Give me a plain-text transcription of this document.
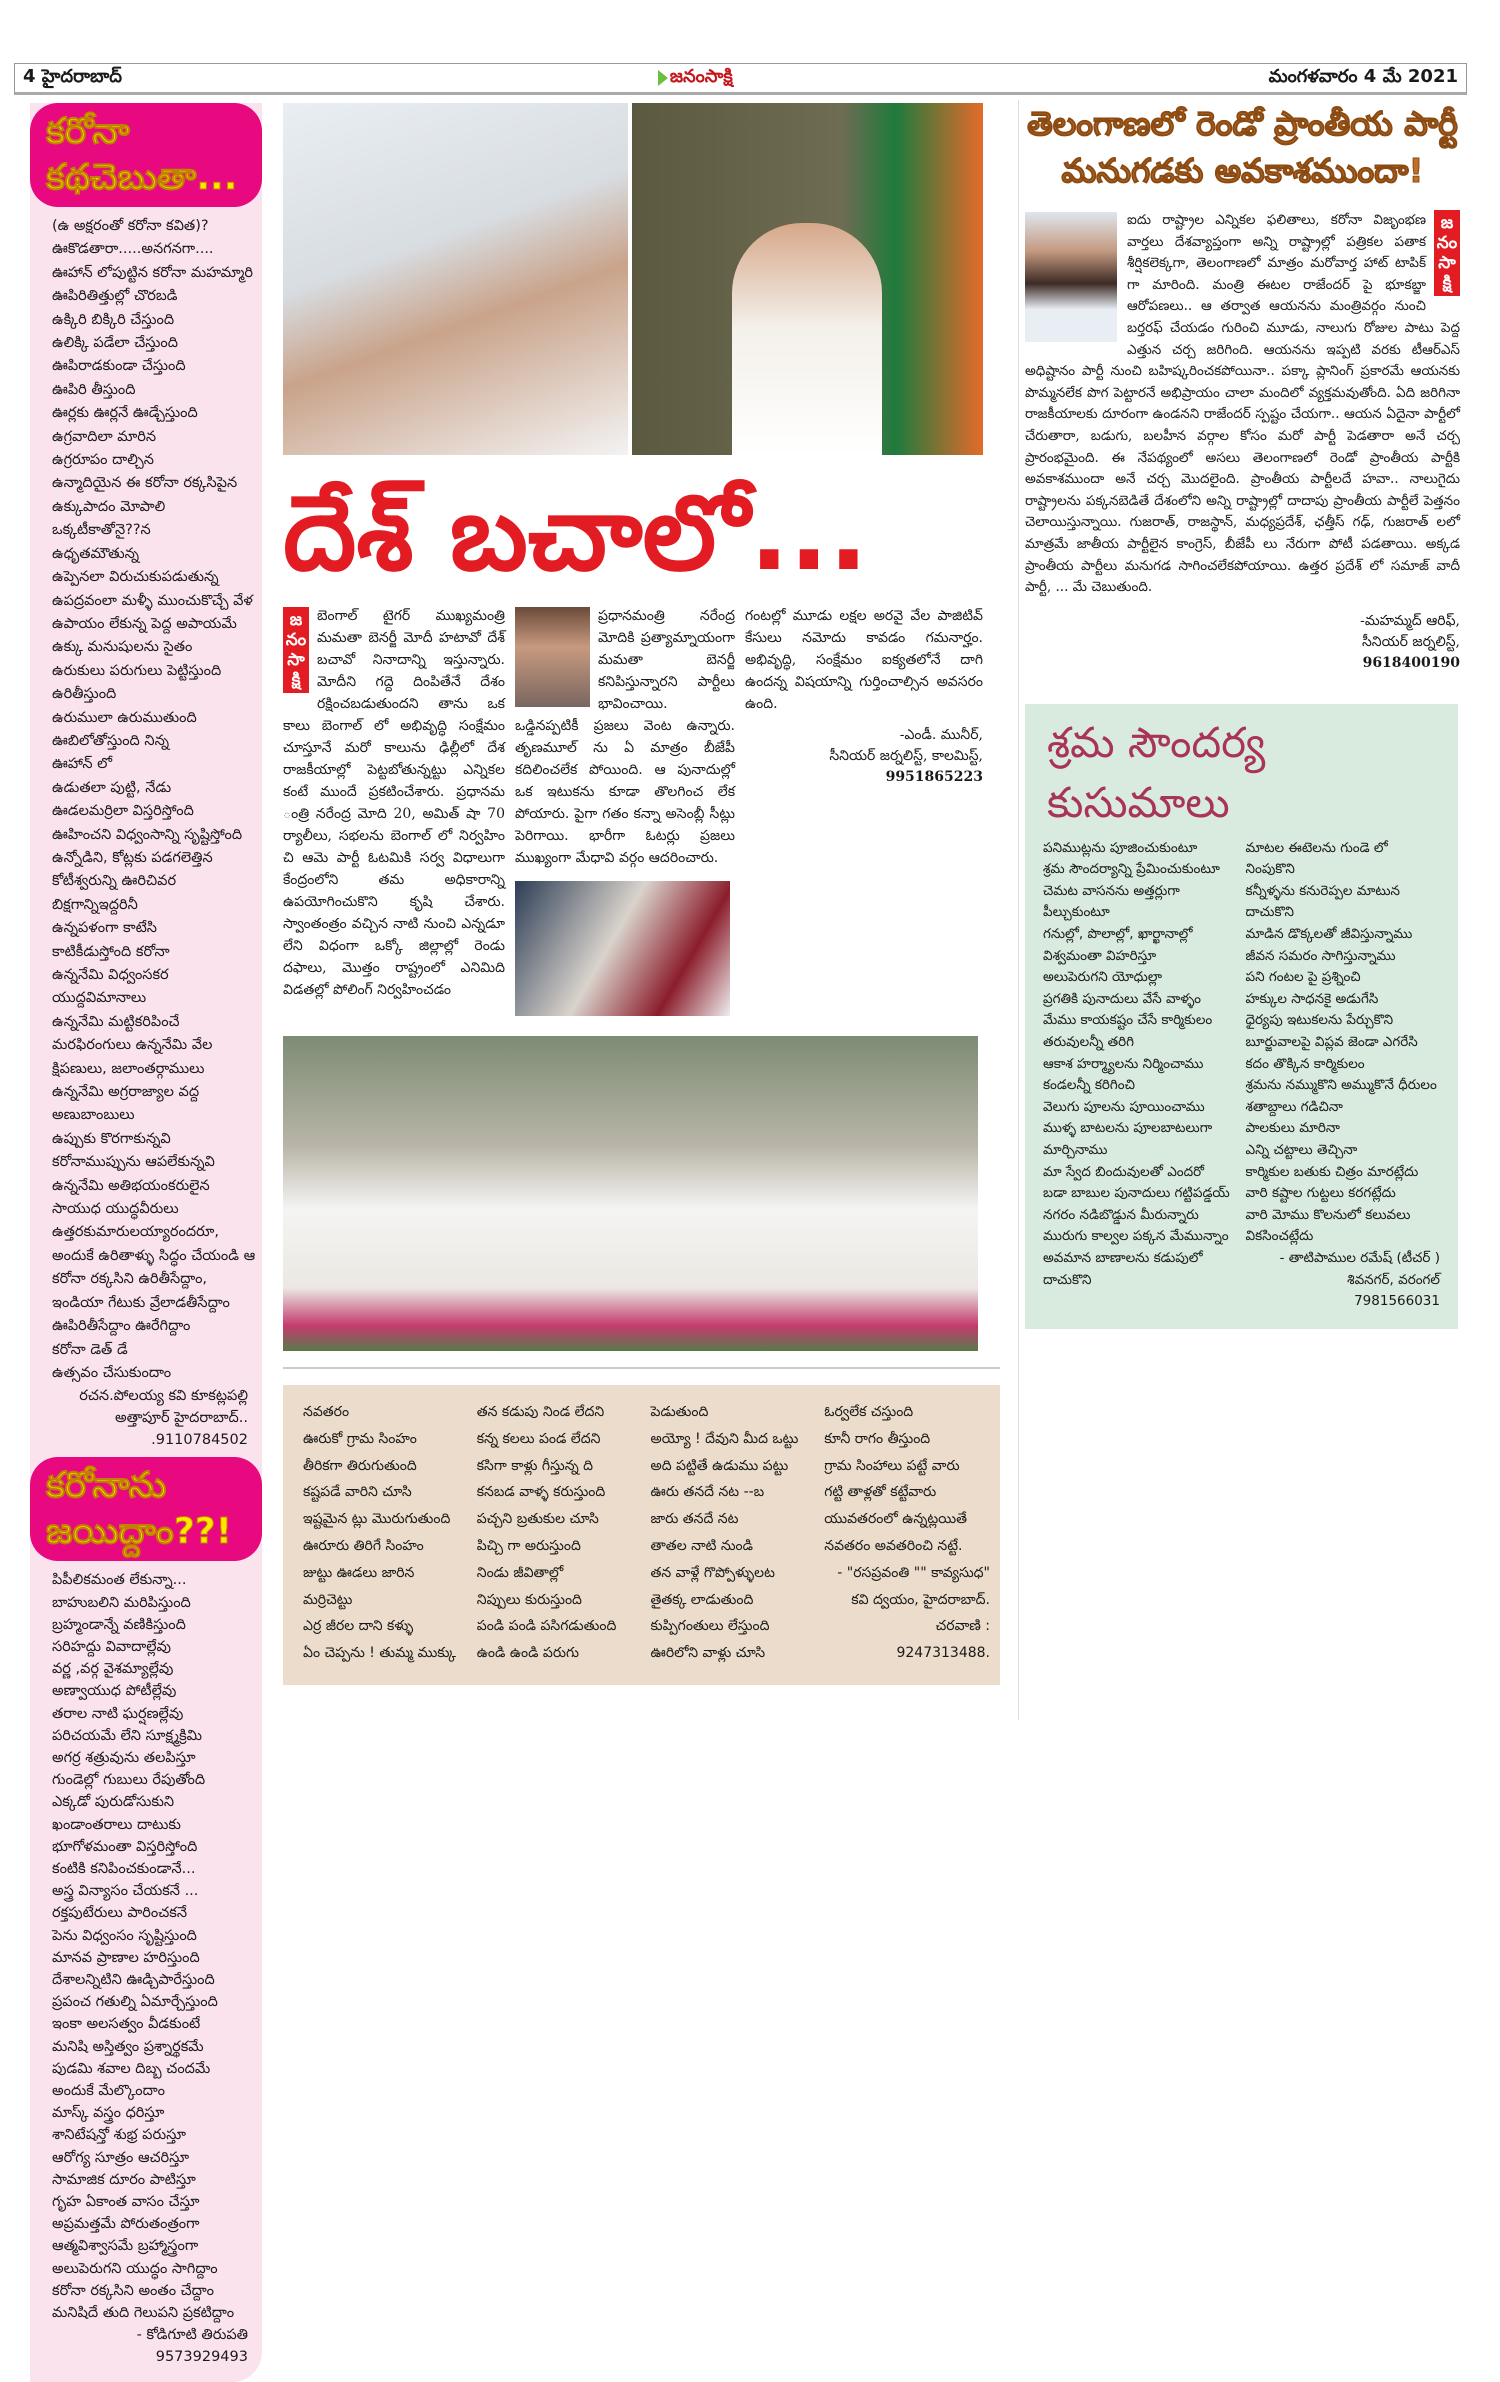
4 హైదరాబాద్	జనంసాక్షి	మంగళవారం 4 మే 2021
కరోనా
కథచెబుతా...
(ఉ అక్షరంతో కరోనా కవిత)?
ఊకొడతారా.....అనగనగా....
ఊహాన్ లోపుట్టిన కరోనా మహమ్మారి
ఊపిరితిత్తుల్లో చొరబడి
ఉక్కిరి బిక్కిరి చేస్తుంది
ఉలిక్కి పడేలా చేస్తుంది
ఊపిరాడకుండా చేస్తుంది
ఊపిరి తీస్తుంది
ఊర్లకు ఊర్లనే ఊడ్చేస్తుంది
ఉగ్రవాదిలా మారిన
ఉగ్రరూపం దాల్చిన
ఉన్మాదియైన ఈ కరోనా రక్కసిపైన
ఉక్కుపాదం మోపాలి
ఒక్కటీకాతోనై??న
ఉధృతమౌతున్న
ఉప్పెనలా విరుచుకుపడుతున్న
ఉపద్రవంలా మళ్ళీ ముంచుకొచ్చే వేళ
ఉపాయం లేకున్న పెద్ద అపాయమే
ఉక్కు మనుషులను సైతం
ఉరుకులు పరుగులు పెట్టిస్తుంది
ఉరితీస్తుంది
ఉరుములా ఉరుముతుంది
ఊబిలోతోస్తుంది నిన్న
ఊహాన్ లో
ఉడుతలా పుట్టి, నేడు
ఊడలమర్రిలా విస్తరిస్తోంది
ఊహించని విధ్వంసాన్ని సృష్టిస్తోంది
ఉన్నోడిని, కోట్లకు పడగలెత్తిన
కోటీశ్వరున్ని ఊరిచివర
బిక్షగాన్నిఇద్దరినీ
ఉన్నపళంగా కాటేసి
కాటికీడుస్తోంది కరోనా
ఉన్ననేమి విధ్వంసకర
యుద్దవిమానాలు
ఉన్ననేమి మట్టికరిపించే
మరఫిరంగులు ఉన్ననేమి వేల
క్షిపణులు, జలాంతర్గాములు
ఉన్ననేమి అగ్రరాజ్యాల వద్ద
అణుబాంబులు
ఉప్పుకు కొరగాకున్నవి
కరోనాముప్పును ఆపలేకున్నవి
ఉన్ననేమి అతిభయంకరులైన
సాయుధ యుద్ధవీరులు
ఉత్తరకుమారులయ్యారందరూ,
అందుకే ఉరితాళ్ళు సిద్ధం చేయండి ఆ
కరోనా రక్కసిని ఉరితీసేద్దాం,
ఇండియా గేటుకు వ్రేలాడతీసేద్దాం
ఊపిరితీసేద్దాం ఊరేగిద్దాం
కరోనా డెత్ డే
ఉత్సవం చేసుకుందాం
రచన.పోలయ్య కవి కూకట్లపల్లి
అత్తాపూర్ హైదరాబాద్..
.9110784502
కరోనాను
జయిద్దాం??!
పిపీలికమంత లేకున్నా...
బాహుబలిని మరిపిస్తుంది
బ్రహ్మండాన్నే వణికిస్తుంది
సరిహద్దు వివాదాల్లేవు
వర్ణ ,వర్గ వైశమ్యాల్లేవు
అణ్వాయుధ పోటీల్లేవు
తరాల నాటి ఘర్షణల్లేవు
పరిచయమే లేని సూక్ష్మక్రిమి
అగర్ర శత్రువును తలపిస్తూ
గుండెల్లో గుబులు రేపుతోంది
ఎక్కడో పురుడోసుకుని
ఖండాంతరాలు దాటుకు
భూగోళమంతా విస్తరిస్తోంది
కంటికి కనిపించకుండానే...
అస్త్ర విన్యాసం చేయకనే ...
రక్తపుటేరులు పారించకనే
పెను విధ్వంసం సృష్టిస్తుంది
మానవ ప్రాణాల హరిస్తుంది
దేశాలన్నిటిని ఊడ్చిపారేస్తుంది
ప్రపంచ గతుల్ని ఏమార్చేస్తుంది
ఇంకా అలసత్వం వీడకుంటే
మనిషి అస్తిత్వం ప్రశ్నార్థకమే
పుడమి శవాల దిబ్బ చందమే
అందుకే మేల్కొందాం
మాస్క్ వస్త్రం ధరిస్తూ
శానిటేషన్తో శుభ్ర పరుస్తూ
ఆరోగ్య సూత్రం ఆచరిస్తూ
సామాజిక దూరం పాటిస్తూ
గృహ ఏకాంత వాసం చేస్తూ
అప్రమత్తమే పోరుతంత్రంగా
ఆత్మవిశ్వాసమే బ్రహ్మాస్త్రంగా
అలుపెరుగని యుద్ధం సాగిద్దాం
కరోనా రక్కసిని అంతం చేద్దాం
మనిషిదే తుది గెలుపని ప్రకటిద్దాం
- కోడిగూటి తిరుపతి
9573929493
దేశ్ బచాలో...
జనంసాక్షి
బెంగాల్ టైగర్ ముఖ్యమంత్రి మమతా బెనర్జీ మోదీ హటావో దేశ్ బచావో నినాదాన్ని ఇస్తున్నారు. మోదీని గద్దె దింపితేనే దేశం రక్షించబడుతుందని తాను ఒక కాలు బెంగాల్ లో అభివృద్ధి సంక్షేమం చూస్తూనే మరో కాలును ఢిల్లీలో దేశ రాజకీయాల్లో పెట్టబోతున్నట్టు ఎన్నికల కంటే ముందే ప్రకటించేశారు. ప్రధానమ ంత్రి నరేంద్ర మోది 20, అమిత్ షా 70 ర్యాలీలు, సభలను బెంగాల్ లో నిర్వహిం చి ఆమె పార్టీ ఓటమికి సర్వ విధాలుగా కేంద్రంలోని తమ అధికారాన్ని ఉపయోగించుకొని కృషి చేశారు. స్వాంతంత్రం వచ్చిన నాటి నుంచి ఎన్నడూ లేని విధంగా ఒక్కో జిల్లాల్లో రెండు దఫాలు, మొత్తం రాష్ట్రంలో ఎనిమిది విడతల్లో పోలింగ్ నిర్వహించడం
ప్రధానమంత్రి నరేంద్ర మోదికి ప్రత్యామ్నాయంగా మమతా బెనర్జీ కనిపిస్తున్నారని పార్టీలు భావించాయి. ఒడ్డినప్పటికీ ప్రజలు వెంట ఉన్నారు. తృణమూల్ ను ఏ మాత్రం బీజేపీ కదిలించలేక పోయింది. ఆ పునాదుల్లో ఒక ఇటుకను కూడా తొలగించ లేక పోయారు. పైగా గతం కన్నా అసెంబ్లీ సీట్లు పెరిగాయి. భారీగా ఓటర్లు ప్రజలు ముఖ్యంగా మేధావి వర్గం ఆదరించారు.
గంటల్లో మూడు లక్షల అరవై వేల పాజిటివ్ కేసులు నమోదు కావడం గమనార్హం. అభివృద్ధి, సంక్షేమం ఐక్యతలోనే దాగి ఉందన్న విషయాన్ని గుర్తించాల్సిన అవసరం ఉంది.
-ఎండీ. మునీర్,
సీనియర్ జర్నలిస్ట్, కాలమిస్ట్,
9951865223
నవతరం
ఊరుకో గ్రామ సింహం
తీరికగా తిరుగుతుంది
కష్టపడే వారిని చూసి
ఇష్టమైన ట్లు మొరుగుతుంది
ఊరూరు తిరిగే సింహం
జుట్టు ఊడలు జారిన
మర్రిచెట్టు
ఎర్ర జీరల దాని కళ్ళు
ఏం చెప్పను ! తుమ్మ ముక్కు
తన కడుపు నిండ లేదని
కన్న కలలు పండ లేదని
కసిగా కాళ్లు గీస్తున్న ది
కనబడ వాళ్ళ కరుస్తుంది
పచ్చని బ్రతుకుల చూసి
పిచ్చి గా అరుస్తుంది
నిండు జీవితాల్లో
నిప్పులు కురుస్తుంది
పండి పండి పసిగడుతుంది
ఉండి ఉండి పరుగు
పెడుతుంది
అయ్యో ! దేవుని మీద ఒట్టు
అది పట్టితే ఉడుము పట్టు
ఊరు తనదే నట --బ
జారు తనదే నట
తాతల నాటి నుండి
తన వాళ్లే గొప్పోళ్ళులట
తైతక్క లాడుతుంది
కుప్పిగంతులు లేస్తుంది
ఊరిలోని వాళ్లు చూసి
ఓర్వలేక చస్తుంది
కూనీ రాగం తీస్తుంది
గ్రామ సింహాలు పట్టే వారు
గట్టి తాళ్లతో కట్టేవారు
యువతరంలో ఉన్నట్లయితే
నవతరం అవతరించి నట్టే.
- "రసప్రవంతి "" కావ్యసుధ"
కవి ద్వయం, హైదరాబాద్.
చరవాణి :
9247313488.
తెలంగాణలో రెండో ప్రాంతీయ పార్టీ మనుగడకు అవకాశముందా!
జనంసాక్షి
ఐదు రాష్ట్రాల ఎన్నికల ఫలితాలు, కరోనా విజృంభణ వార్తలు దేశవ్యాప్తంగా అన్ని రాష్ట్రాల్లో పత్రికల పతాక శీర్షికలెక్కగా, తెలంగాణలో మాత్రం మరోవార్త హాట్ టాపిక్ గా మారింది. మంత్రి ఈటల రాజేందర్ పై భూకబ్జా ఆరోపణలు.. ఆ తర్వాత ఆయనను మంత్రివర్గం నుంచి బర్తరఫ్ చేయడం గురించి మూడు, నాలుగు రోజుల పాటు పెద్ద ఎత్తున చర్చ జరిగింది. ఆయనను ఇప్పటి వరకు టీఆర్ఎస్ అధిష్టానం పార్టీ నుంచి బహిష్కరించకపోయినా.. పక్కా ప్లానింగ్ ప్రకారమే ఆయనకు పొమ్మనలేక పొగ పెట్టారనే అభిప్రాయం చాలా మందిలో వ్యక్తమవుతోంది. ఏది జరిగినా రాజకీయాలకు దూరంగా ఉండనని రాజేందర్ స్పష్టం చేయగా.. ఆయన ఏదైనా పార్టీలో చేరుతారా, బడుగు, బలహీన వర్గాల కోసం మరో పార్టీ పెడతారా అనే చర్చ ప్రారంభమైంది. ఈ నేపథ్యంలో అసలు తెలంగాణలో రెండో ప్రాంతీయ పార్టీకి అవకాశముందా అనే చర్చ మొదలైంది. ప్రాంతీయ పార్టీలదే హవా.. నాలుగైదు రాష్ట్రాలను పక్కనబెడితే దేశంలోని అన్ని రాష్ట్రాల్లో దాదాపు ప్రాంతీయ పార్టీలే పెత్తనం చెలాయిస్తున్నాయి. గుజరాత్, రాజస్థాన్, మధ్యప్రదేశ్, ఛత్తీస్ గఢ్, గుజరాత్ లలో మాత్రమే జాతీయ పార్టీలైన కాంగ్రెస్, బీజేపీ లు నేరుగా పోటీ పడతాయి. అక్కడ ప్రాంతీయ పార్టీలు మనుగడ సాగించలేకపోయాయి. ఉత్తర ప్రదేశ్ లో సమాజ్ వాదీ పార్టీ, ... మే చెబుతుంది.
-మహమ్మద్ ఆరిఫ్,
సీనియర్ జర్నలిస్ట్,
9618400190
శ్రమ సౌందర్య కుసుమాలు
పనిముట్లను పూజించుకుంటూ
శ్రమ సౌందర్యాన్ని ప్రేమించుకుంటూ
చెమట వాసనను అత్తర్లుగా
పీల్చుకుంటూ
గనుల్లో, పొలాల్లో, ఖార్ఖానాల్లో
విశ్వమంతా విహరిస్తూ
అలుపెరుగని యోధుల్లా
ప్రగతికి పునాదులు వేసే వాళ్ళం
మేము కాయకష్టం చేసే కార్మికులం
తరువులన్నీ తరిగి
ఆకాశ హర్మ్యాలను నిర్మించాము
కండలన్నీ కరిగించి
వెలుగు పూలను పూయించాము
ముళ్ళ బాటలను పూలబాటలుగా
మార్చినాము
మా స్వేద బిందువులతో ఎందరో
బడా బాబుల పునాదులు గట్టిపడ్డయ్
నగరం నడిబొడ్డున మీరున్నారు
మురుగు కాల్వల పక్కన మేమున్నాం
అవమాన బాణాలను కడుపులో
దాచుకొని
మాటల ఈటెలను గుండె లో నింపుకొని
కన్నీళ్ళను కనురెప్పల మాటున
దాచుకొని
మాడిన డొక్కలతో జీవిస్తున్నాము
జీవన సమరం సాగిస్తున్నాము
పని గంటల పై ప్రశ్నించి
హక్కుల సాధనకై అడుగేసి
ధైర్యపు ఇటుకలను పేర్చుకొని
బూర్జువాలపై విప్లవ జెండా ఎగరేసి
కదం తొక్కిన కార్మికులం
శ్రమను నమ్ముకొని అమ్ముకొనే ధీరులం
శతాబ్దాలు గడిచినా
పాలకులు మారినా
ఎన్ని చట్టాలు తెచ్చినా
కార్మికుల బతుకు చిత్రం మారట్లేదు
వారి కష్టాల గుట్టలు కరగట్లేదు
వారి మోము కొలనులో కలువలు
వికసించట్లేదు
- తాటిపాముల రమేష్ (టీచర్ )
శివనగర్, వరంగల్
7981566031
